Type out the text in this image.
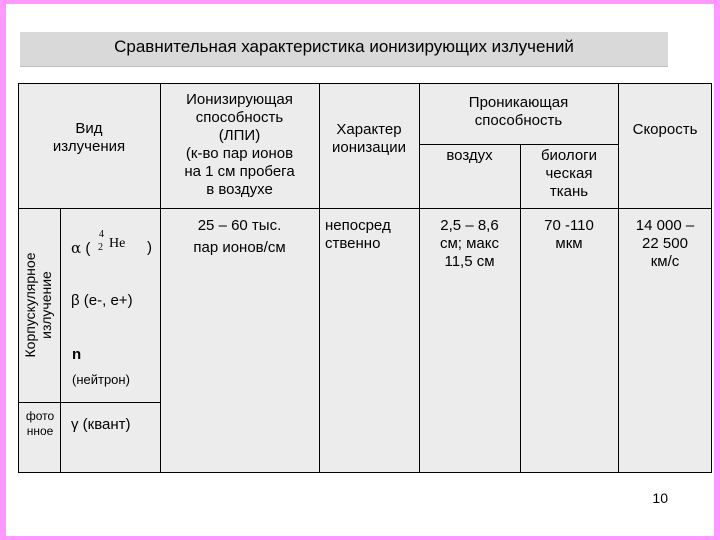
Сравнительная характеристика ионизирующих излучений
Вид
излучения
Ионизирующая
способность
(ЛПИ)
(к-во пар ионов
на 1 см пробега
в воздухе
Характер
ионизации
Проникающая
способность
воздух	биологи
ческая
ткань
Скорость
Корпускулярное излучение
фото
нное
α (
4
2 He )
25 – 60 тыс.
пар ионов/см
непосред
ственно
2,5 – 8,6
см; макс
11,5 см
70 -110
мкм
14 000 –
22 500
км/с
β (е-, е+)
n
(нейтрон)
γ (квант)
10
